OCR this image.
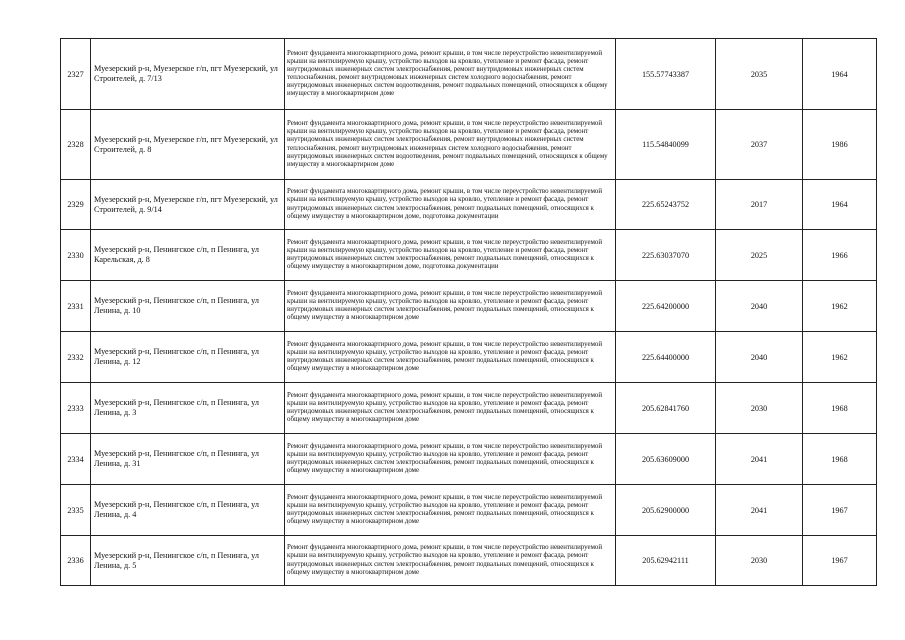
2327	Муезерский р-н, Муезерское г/п, пгт Муезерский, ул Строителей, д. 7/13	Ремонт фундамента многоквартирного дома, ремонт крыши, в том числе переустройство невентилируемой крыши на вентилируемую крышу, устройство выходов на кровлю, утепление и ремонт фасада, ремонт внутридомовых инженерных систем электроснабжения, ремонт внутридомовых инженерных систем теплоснабжения, ремонт внутридомовых инженерных систем холодного водоснабжения, ремонт внутридомовых инженерных систем водоотведения, ремонт подвальных помещений, относящихся к общему имуществу в многоквартирном доме	155.57743387	2035	1964
2328	Муезерский р-н, Муезерское г/п, пгт Муезерский, ул Строителей, д. 8	Ремонт фундамента многоквартирного дома, ремонт крыши, в том числе переустройство невентилируемой крыши на вентилируемую крышу, устройство выходов на кровлю, утепление и ремонт фасада, ремонт внутридомовых инженерных систем электроснабжения, ремонт внутридомовых инженерных систем теплоснабжения, ремонт внутридомовых инженерных систем холодного водоснабжения, ремонт внутридомовых инженерных систем водоотведения, ремонт подвальных помещений, относящихся к общему имуществу в многоквартирном доме	115.54840099	2037	1986
2329	Муезерский р-н, Муезерское г/п, пгт Муезерский, ул Строителей, д. 9/14	Ремонт фундамента многоквартирного дома, ремонт крыши, в том числе переустройство невентилируемой крыши на вентилируемую крышу, устройство выходов на кровлю, утепление и ремонт фасада, ремонт внутридомовых инженерных систем электроснабжения, ремонт подвальных помещений, относящихся к общему имуществу в многоквартирном доме, подготовка документации	225.65243752	2017	1964
2330	Муезерский р-н, Пенингское с/п, п Пенинга, ул Карельская, д. 8	Ремонт фундамента многоквартирного дома, ремонт крыши, в том числе переустройство невентилируемой крыши на вентилируемую крышу, устройство выходов на кровлю, утепление и ремонт фасада, ремонт внутридомовых инженерных систем электроснабжения, ремонт подвальных помещений, относящихся к общему имуществу в многоквартирном доме, подготовка документации	225.63037070	2025	1966
2331	Муезерский р-н, Пенингское с/п, п Пенинга, ул Ленина, д. 10	Ремонт фундамента многоквартирного дома, ремонт крыши, в том числе переустройство невентилируемой крыши на вентилируемую крышу, устройство выходов на кровлю, утепление и ремонт фасада, ремонт внутридомовых инженерных систем электроснабжения, ремонт подвальных помещений, относящихся к общему имуществу в многоквартирном доме	225.64200000	2040	1962
2332	Муезерский р-н, Пенингское с/п, п Пенинга, ул Ленина, д. 12	Ремонт фундамента многоквартирного дома, ремонт крыши, в том числе переустройство невентилируемой крыши на вентилируемую крышу, устройство выходов на кровлю, утепление и ремонт фасада, ремонт внутридомовых инженерных систем электроснабжения, ремонт подвальных помещений, относящихся к общему имуществу в многоквартирном доме	225.64400000	2040	1962
2333	Муезерский р-н, Пенингское с/п, п Пенинга, ул Ленина, д. 3	Ремонт фундамента многоквартирного дома, ремонт крыши, в том числе переустройство невентилируемой крыши на вентилируемую крышу, устройство выходов на кровлю, утепление и ремонт фасада, ремонт внутридомовых инженерных систем электроснабжения, ремонт подвальных помещений, относящихся к общему имуществу в многоквартирном доме	205.62841760	2030	1968
2334	Муезерский р-н, Пенингское с/п, п Пенинга, ул Ленина, д. 31	Ремонт фундамента многоквартирного дома, ремонт крыши, в том числе переустройство невентилируемой крыши на вентилируемую крышу, устройство выходов на кровлю, утепление и ремонт фасада, ремонт внутридомовых инженерных систем электроснабжения, ремонт подвальных помещений, относящихся к общему имуществу в многоквартирном доме	205.63609000	2041	1968
2335	Муезерский р-н, Пенингское с/п, п Пенинга, ул Ленина, д. 4	Ремонт фундамента многоквартирного дома, ремонт крыши, в том числе переустройство невентилируемой крыши на вентилируемую крышу, устройство выходов на кровлю, утепление и ремонт фасада, ремонт внутридомовых инженерных систем электроснабжения, ремонт подвальных помещений, относящихся к общему имуществу в многоквартирном доме	205.62900000	2041	1967
2336	Муезерский р-н, Пенингское с/п, п Пенинга, ул Ленина, д. 5	Ремонт фундамента многоквартирного дома, ремонт крыши, в том числе переустройство невентилируемой крыши на вентилируемую крышу, устройство выходов на кровлю, утепление и ремонт фасада, ремонт внутридомовых инженерных систем электроснабжения, ремонт подвальных помещений, относящихся к общему имуществу в многоквартирном доме	205.62942111	2030	1967
